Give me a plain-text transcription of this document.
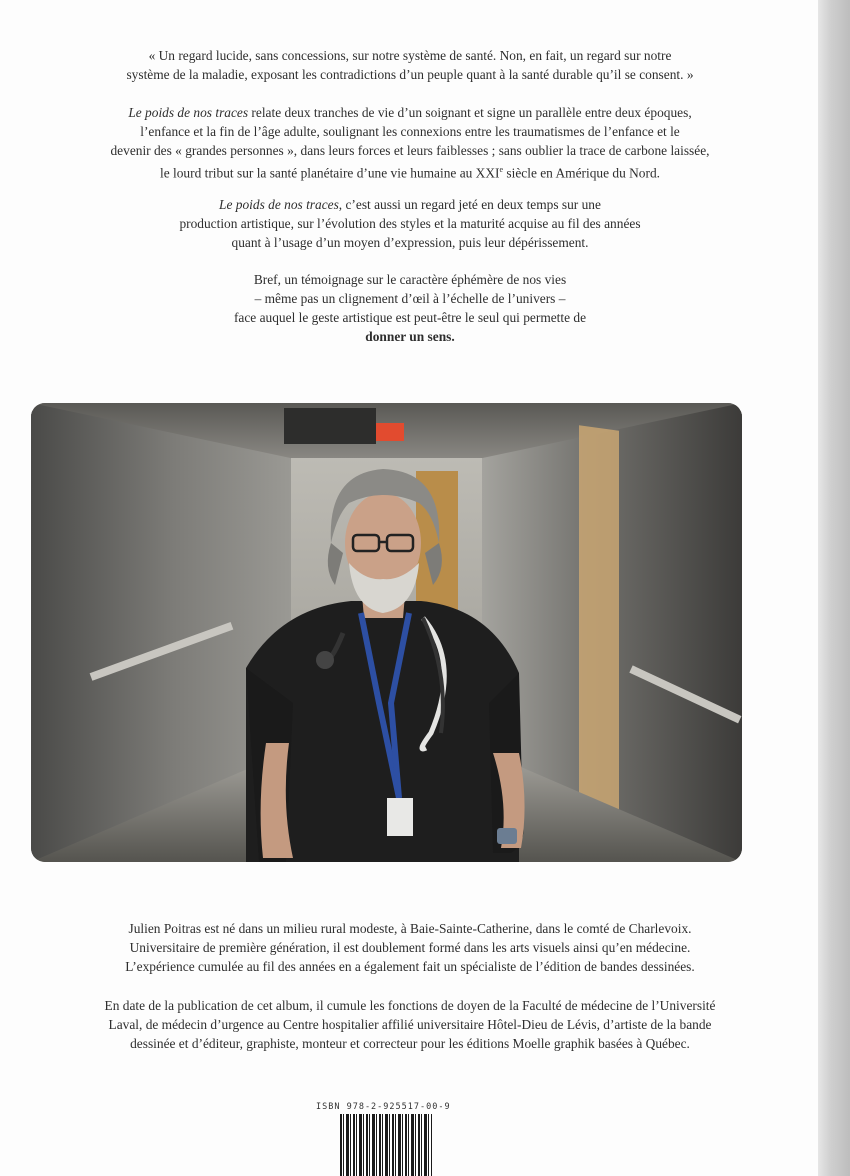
« Un regard lucide, sans concessions, sur notre système de santé. Non, en fait, un regard sur notre
système de la maladie, exposant les contradictions d’un peuple quant à la santé durable qu’il se consent. »
Le poids de nos traces relate deux tranches de vie d’un soignant et signe un parallèle entre deux époques,
l’enfance et la fin de l’âge adulte, soulignant les connexions entre les traumatismes de l’enfance et le
devenir des « grandes personnes », dans leurs forces et leurs faiblesses ; sans oublier la trace de carbone laissée,
le lourd tribut sur la santé planétaire d’une vie humaine au XXIe siècle en Amérique du Nord.
Le poids de nos traces, c’est aussi un regard jeté en deux temps sur une
production artistique, sur l’évolution des styles et la maturité acquise au fil des années
quant à l’usage d’un moyen d’expression, puis leur dépérissement.
Bref, un témoignage sur le caractère éphémère de nos vies
– même pas un clignement d’œil à l’échelle de l’univers –
face auquel le geste artistique est peut-être le seul qui permette de
donner un sens.
Julien Poitras est né dans un milieu rural modeste, à Baie-Sainte-Catherine, dans le comté de Charlevoix.
Universitaire de première génération, il est doublement formé dans les arts visuels ainsi qu’en médecine.
L’expérience cumulée au fil des années en a également fait un spécialiste de l’édition de bandes dessinées.
En date de la publication de cet album, il cumule les fonctions de doyen de la Faculté de médecine de l’Université
Laval, de médecin d’urgence au Centre hospitalier affilié universitaire Hôtel-Dieu de Lévis, d’artiste de la bande
dessinée et d’éditeur, graphiste, monteur et correcteur pour les éditions Moelle graphik basées à Québec.
ISBN 978-2-925517-00-9
